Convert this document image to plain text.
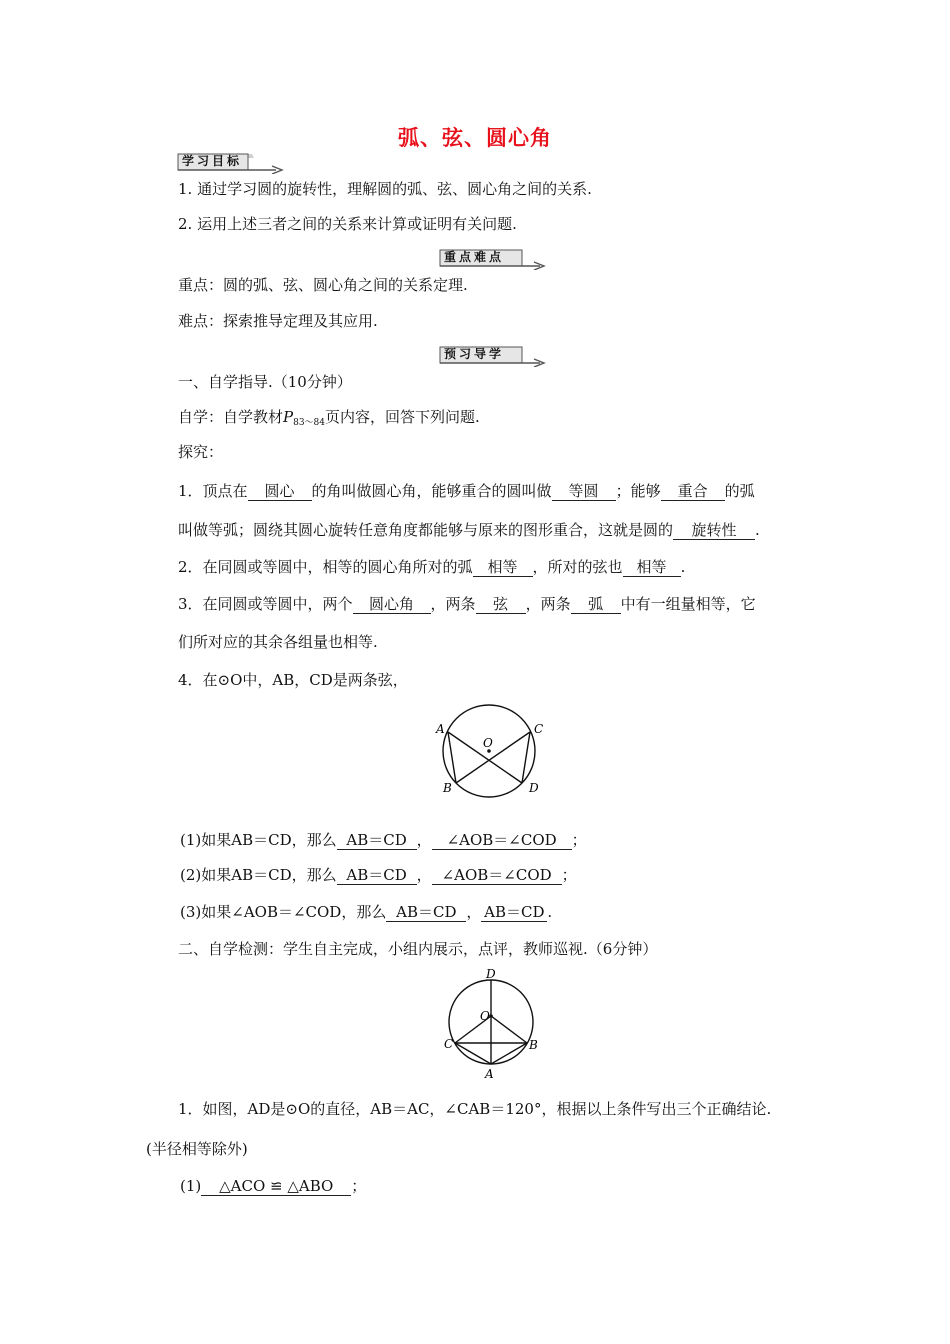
弧、弦、圆心角
学习目标
1. 通过学习圆的旋转性，理解圆的弧、弦、圆心角之间的关系.
2. 运用上述三者之间的关系来计算或证明有关问题.
重点难点
重点：圆的弧、弦、圆心角之间的关系定理.
难点：探索推导定理及其应用.
预习导学
一、自学指导.（10分钟）
自学：自学教材$P_{83\sim 84}$页内容，回答下列问题.
探究：
1．顶点在 圆心 的角叫做圆心角，能够重合的圆叫做 等圆 ；能够 重合 的弧
叫做等弧；圆绕其圆心旋转任意角度都能够与原来的图形重合，这就是圆的 旋转性 .
2．在同圆或等圆中，相等的圆心角所对的弧 相等 ，所对的弦也 相等 .
3．在同圆或等圆中，两个 圆心角 ，两条 弦 ，两条 弧 中有一组量相等，它
们所对应的其余各组量也相等.
4．在⊙O中，AB，CD是两条弦，
A
B
C
D
O
(1)如果AB＝CD，那么 AB＝CD ， ∠AOB＝∠COD ；
(2)如果AB＝CD，那么 AB＝CD ， ∠AOB＝∠COD ；
(3)如果∠AOB＝∠COD，那么 AB＝CD ， AB＝CD .
二、自学检测：学生自主完成，小组内展示，点评，教师巡视.（6分钟）
D
O
C	B
A
1．如图，AD是⊙O的直径，AB＝AC，∠CAB＝120°，根据以上条件写出三个正确结论.
(半径相等除外)
(1) △ACO ≌ △ABO ；
